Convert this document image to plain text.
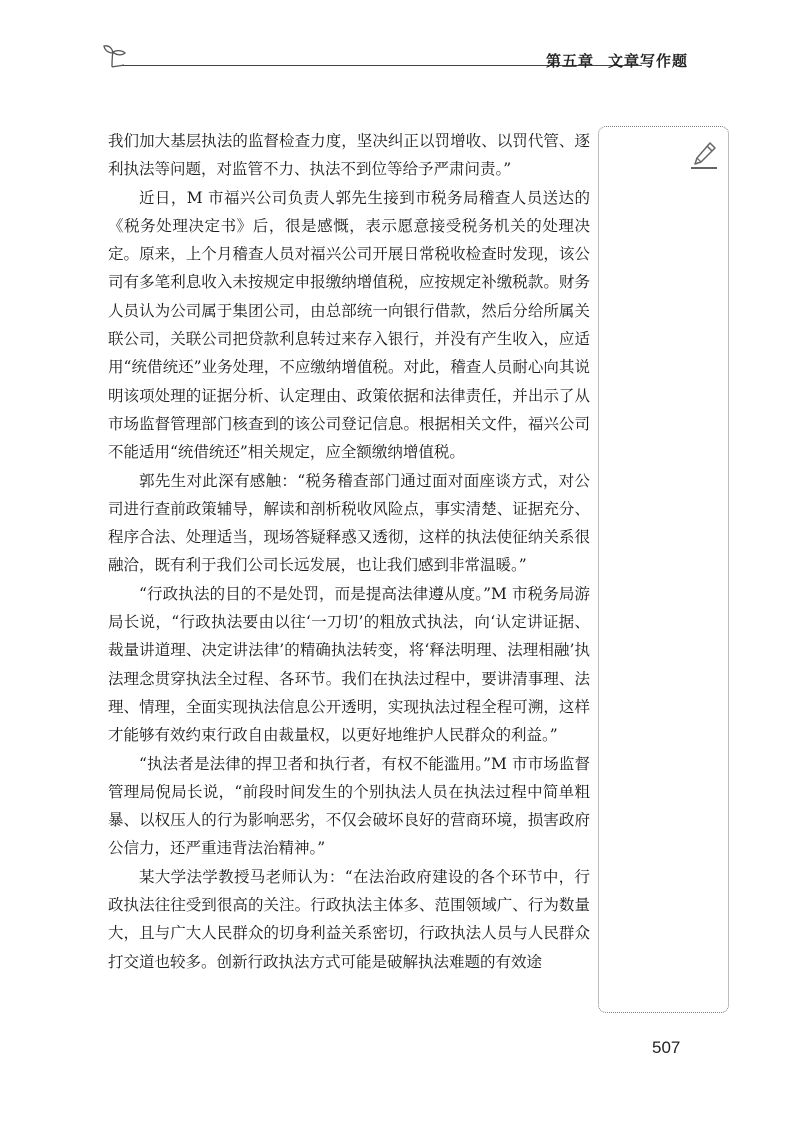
第五章 文章写作题

我们加大基层执法的监督检查力度，坚决纠正以罚增收、以罚代管、逐利执法等问题，对监管不力、执法不到位等给予严肃问责。”

近日，M 市福兴公司负责人郭先生接到市税务局稽查人员送达的《税务处理决定书》后，很是感慨，表示愿意接受税务机关的处理决定。原来，上个月稽查人员对福兴公司开展日常税收检查时发现，该公司有多笔利息收入未按规定申报缴纳增值税，应按规定补缴税款。财务人员认为公司属于集团公司，由总部统一向银行借款，然后分给所属关联公司，关联公司把贷款利息转过来存入银行，并没有产生收入，应适用“统借统还”业务处理，不应缴纳增值税。对此，稽查人员耐心向其说明该项处理的证据分析、认定理由、政策依据和法律责任，并出示了从市场监督管理部门核查到的该公司登记信息。根据相关文件，福兴公司不能适用“统借统还”相关规定，应全额缴纳增值税。

郭先生对此深有感触：“税务稽查部门通过面对面座谈方式，对公司进行查前政策辅导，解读和剖析税收风险点，事实清楚、证据充分、程序合法、处理适当，现场答疑释惑又透彻，这样的执法使征纳关系很融洽，既有利于我们公司长远发展，也让我们感到非常温暖。”

“行政执法的目的不是处罚，而是提高法律遵从度。”M 市税务局游局长说，“行政执法要由以往‘一刀切’的粗放式执法，向‘认定讲证据、裁量讲道理、决定讲法律’的精确执法转变，将‘释法明理、法理相融’执法理念贯穿执法全过程、各环节。我们在执法过程中，要讲清事理、法理、情理，全面实现执法信息公开透明，实现执法过程全程可溯，这样才能够有效约束行政自由裁量权，以更好地维护人民群众的利益。”

“执法者是法律的捍卫者和执行者，有权不能滥用。”M 市市场监督管理局倪局长说，“前段时间发生的个别执法人员在执法过程中简单粗暴、以权压人的行为影响恶劣，不仅会破坏良好的营商环境，损害政府公信力，还严重违背法治精神。”

某大学法学教授马老师认为：“在法治政府建设的各个环节中，行政执法往往受到很高的关注。行政执法主体多、范围领域广、行为数量大，且与广大人民群众的切身利益关系密切，行政执法人员与人民群众打交道也较多。创新行政执法方式可能是破解执法难题的有效途

507
